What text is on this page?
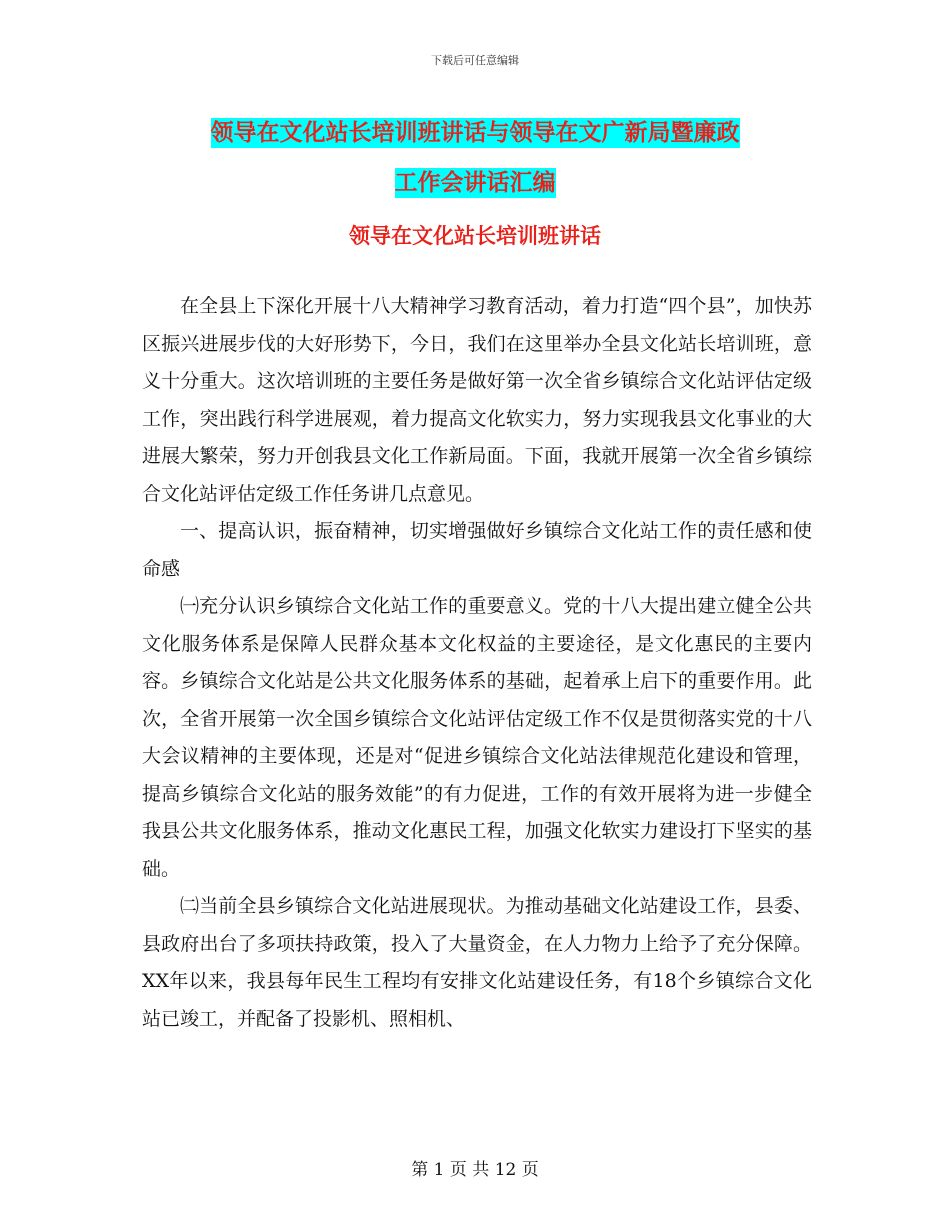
下载后可任意编辑
领导在文化站长培训班讲话与领导在文广新局暨廉政
工作会讲话汇编
领导在文化站长培训班讲话

在全县上下深化开展十八大精神学习教育活动，着力打造“四个县”，加快苏区振兴进展步伐的大好形势下，今日，我们在这里举办全县文化站长培训班，意义十分重大。这次培训班的主要任务是做好第一次全省乡镇综合文化站评估定级工作，突出践行科学进展观，着力提高文化软实力，努力实现我县文化事业的大进展大繁荣，努力开创我县文化工作新局面。下面，我就开展第一次全省乡镇综合文化站评估定级工作任务讲几点意见。

一、提高认识，振奋精神，切实增强做好乡镇综合文化站工作的责任感和使命感

㈠充分认识乡镇综合文化站工作的重要意义。党的十八大提出建立健全公共文化服务体系是保障人民群众基本文化权益的主要途径，是文化惠民的主要内容。乡镇综合文化站是公共文化服务体系的基础，起着承上启下的重要作用。此次，全省开展第一次全国乡镇综合文化站评估定级工作不仅是贯彻落实党的十八大会议精神的主要体现，还是对“促进乡镇综合文化站法律规范化建设和管理，提高乡镇综合文化站的服务效能”的有力促进，工作的有效开展将为进一步健全我县公共文化服务体系，推动文化惠民工程，加强文化软实力建设打下坚实的基础。

㈡当前全县乡镇综合文化站进展现状。为推动基础文化站建设工作，县委、县政府出台了多项扶持政策，投入了大量资金，在人力物力上给予了充分保障。XX年以来，我县每年民生工程均有安排文化站建设任务，有18个乡镇综合文化站已竣工，并配备了投影机、照相机、

第 1 页 共 12 页
